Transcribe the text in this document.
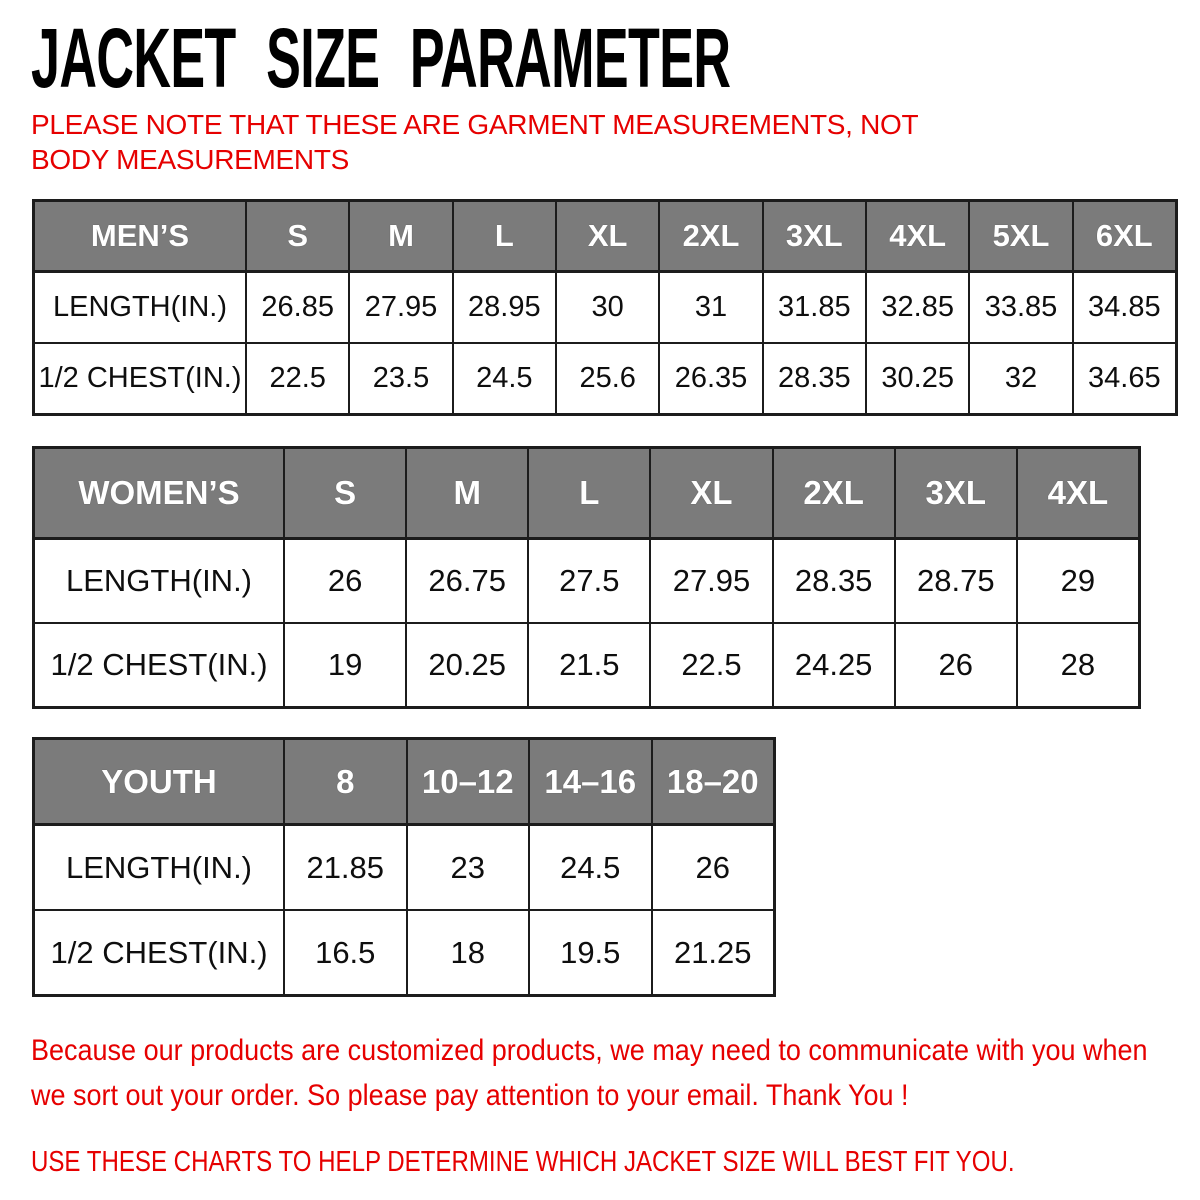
JACKET SIZE PARAMETER

PLEASE NOTE THAT THESE ARE GARMENT MEASUREMENTS, NOT BODY MEASUREMENTS

MEN’S	S	M	L	XL	2XL	3XL	4XL	5XL	6XL
LENGTH(IN.)	26.85	27.95	28.95	30	31	31.85	32.85	33.85	34.85
1/2 CHEST(IN.) 22.5	23.5	24.5	25.6	26.35	28.35	30.25	32	34.65
WOMEN’S	S	M	L	XL	2XL	3XL	4XL
LENGTH(IN.)	26	26.75	27.5	27.95	28.35	28.75	29
1/2 CHEST(IN.)	19	20.25	21.5	22.5	24.25	26	28
YOUTH	8	10–12 14–16 18–20
LENGTH(IN.)	21.85	23	24.5	26
1/2 CHEST(IN.)	16.5	18	19.5	21.25

Because our products are customized products, we may need to communicate with you when we sort out your order. So please pay attention to your email. Thank You !

USE THESE CHARTS TO HELP DETERMINE WHICH JACKET SIZE WILL BEST FIT YOU.
